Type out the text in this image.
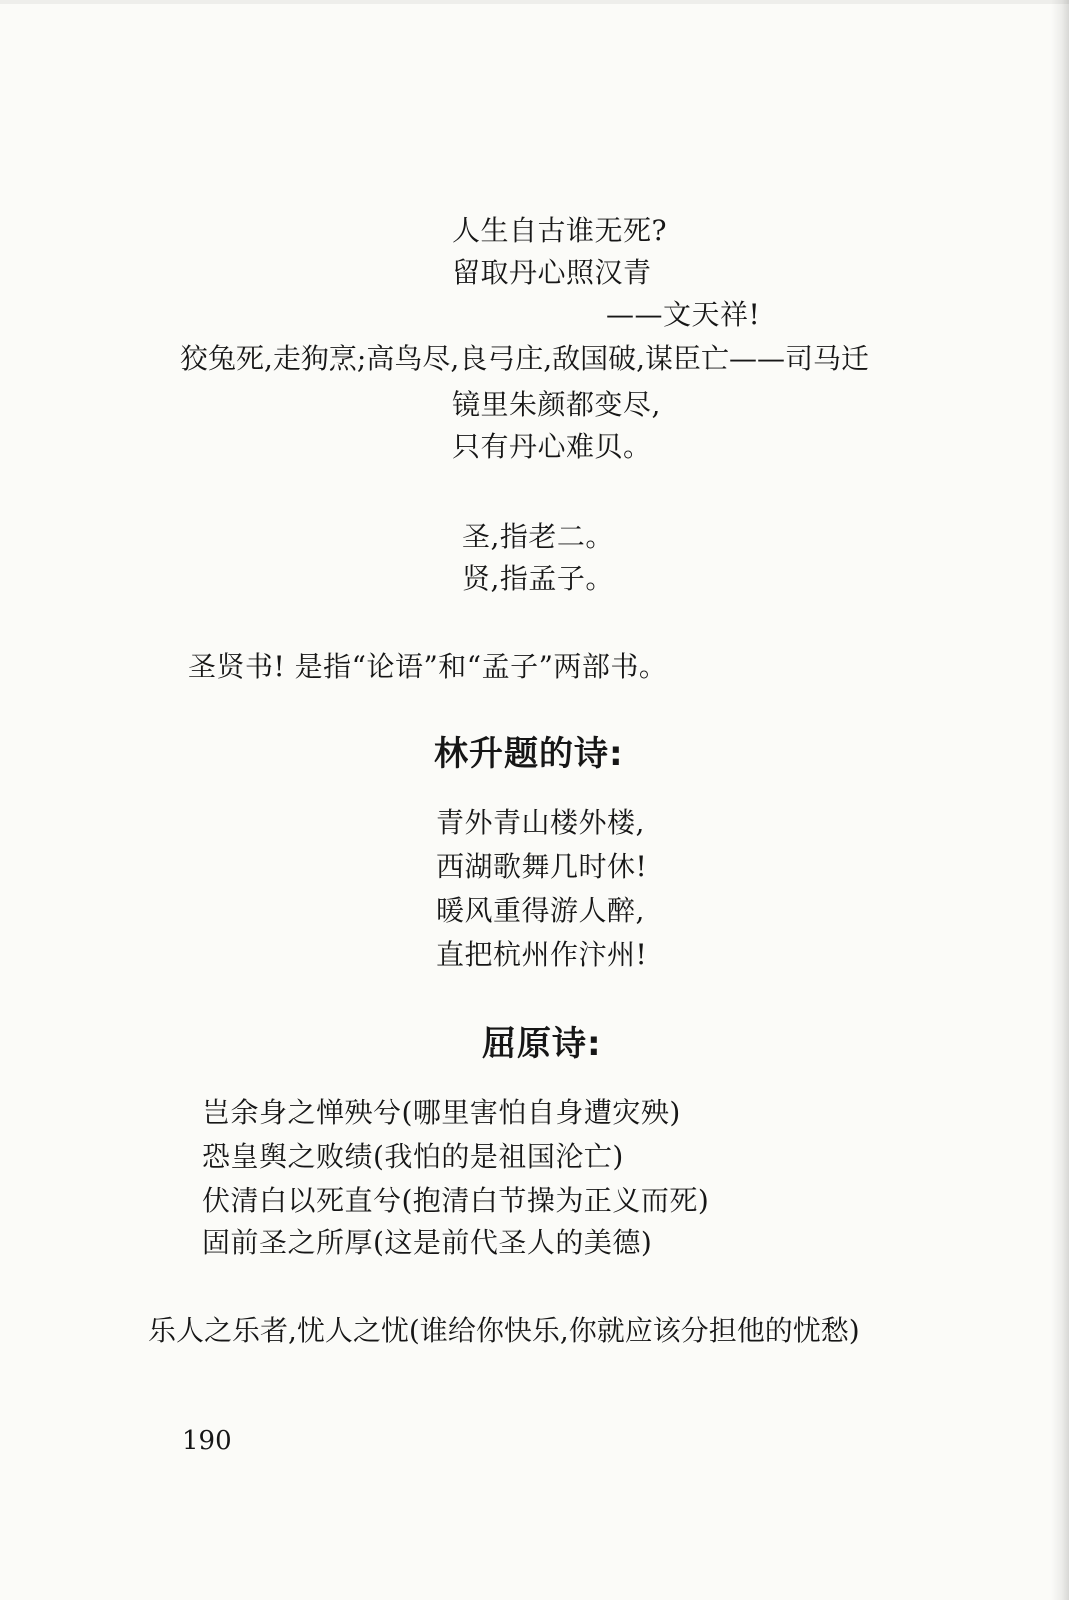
人生自古谁无死?
留取丹心照汉青
——文天祥!
狡兔死,走狗烹;高鸟尽,良弓庄,敌国破,谋臣亡——司马迁
镜里朱颜都变尽,
只有丹心难贝。
圣,指老二。
贤,指孟子。
圣贤书! 是指“论语”和“孟子”两部书。
林升题的诗:
青外青山楼外楼,
西湖歌舞几时休!
暖风重得游人醉,
直把杭州作汴州!
屈原诗:
岂余身之惮殃兮(哪里害怕自身遭灾殃)
恐皇舆之败绩(我怕的是祖国沦亡)
伏清白以死直兮(抱清白节操为正义而死)
固前圣之所厚(这是前代圣人的美德)
乐人之乐者,忧人之忧(谁给你快乐,你就应该分担他的忧愁)
190
